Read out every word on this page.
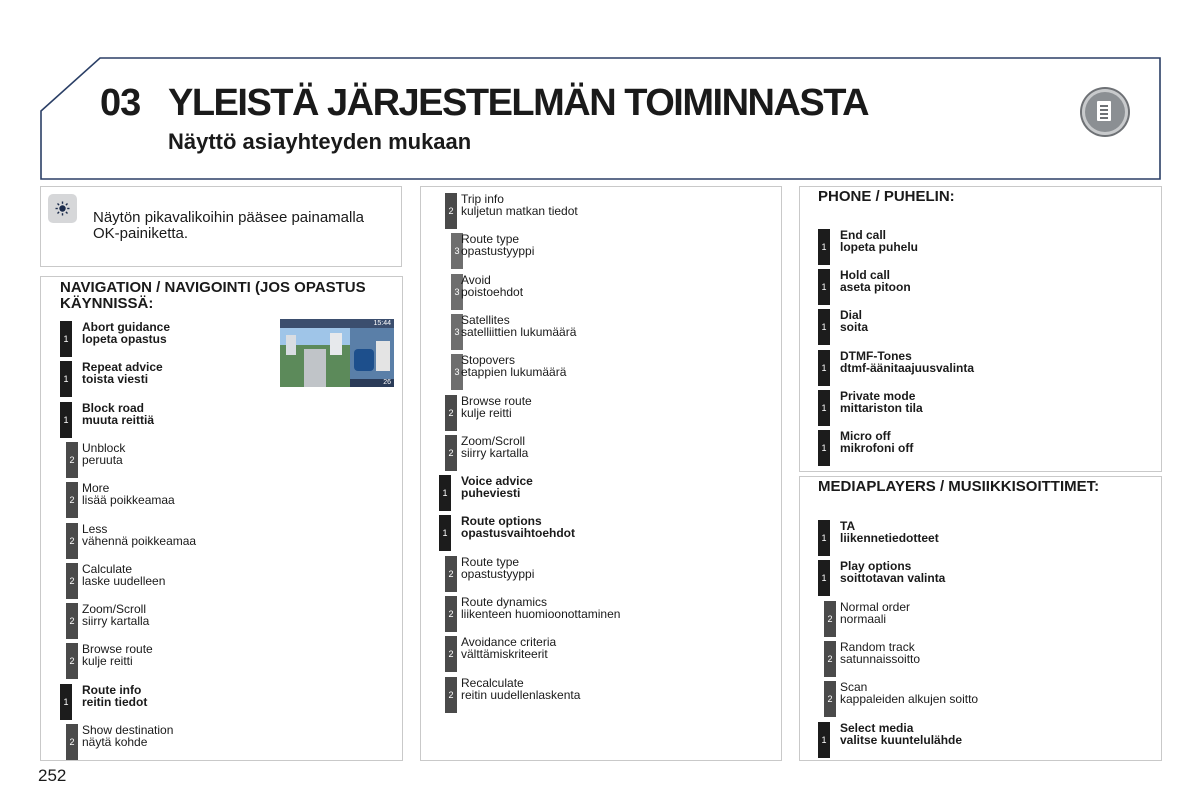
03 YLEISTÄ JÄRJESTELMÄN TOIMINNASTA
Näyttö asiayhteyden mukaan
Näytön pikavalikoihin pääsee painamalla OK-painiketta.
NAVIGATION / NAVIGOINTI (JOS OPASTUS KÄYNNISSÄ:
PHONE / PUHELIN:
MEDIAPLAYERS / MUSIIKKISOITTIMET:
15:44
26
1
Abort guidance
lopeta opastus
1
Repeat advice
toista viesti
1
Block road
muuta reittiä
2
Unblock
peruuta
2
More
lisää poikkeamaa
2
Less
vähennä poikkeamaa
2
Calculate
laske uudelleen
2
Zoom/Scroll
siirry kartalla
2
Browse route
kulje reitti
1
Route info
reitin tiedot
2
Show destination
näytä kohde
2
Trip info
kuljetun matkan tiedot
3
Route type
opastustyyppi
3
Avoid
poistoehdot
3
Satellites
satelliittien lukumäärä
3
Stopovers
etappien lukumäärä
2
Browse route
kulje reitti
2
Zoom/Scroll
siirry kartalla
1
Voice advice
puheviesti
1
Route options
opastusvaihtoehdot
2
Route type
opastustyyppi
2
Route dynamics
liikenteen huomioonottaminen
2
Avoidance criteria
välttämiskriteerit
2
Recalculate
reitin uudellenlaskenta
1
End call
lopeta puhelu
1
Hold call
aseta pitoon
1
Dial
soita
1
DTMF-Tones
dtmf-äänitaajuusvalinta
1
Private mode
mittariston tila
1
Micro off
mikrofoni off
1
TA
liikennetiedotteet
1
Play options
soittotavan valinta
2
Normal order
normaali
2
Random track
satunnaissoitto
2
Scan
kappaleiden alkujen soitto
1
Select media
valitse kuuntelulähde
252
